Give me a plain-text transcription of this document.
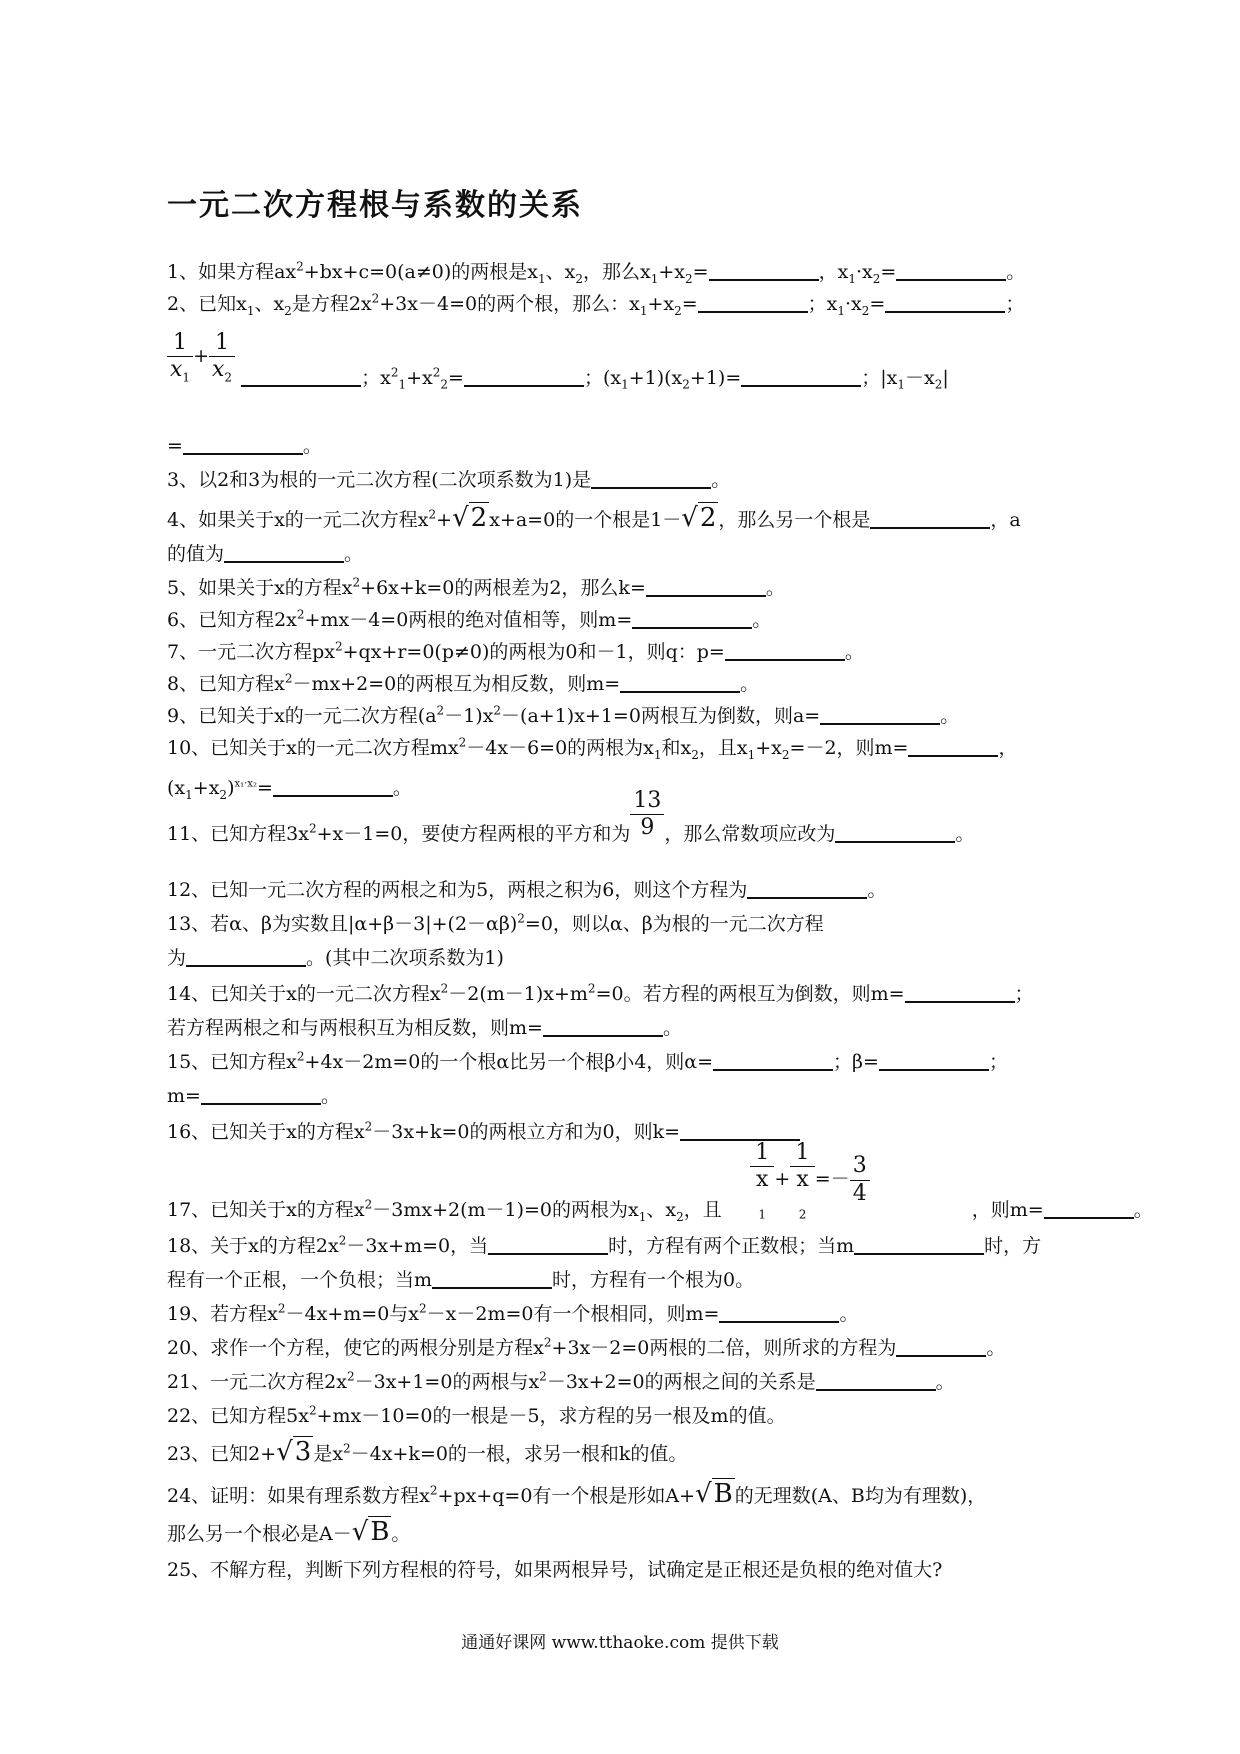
一元二次方程根与系数的关系
1、如果方程$ax^2+bx+c=0(a\ne 0)$的两根是$x_1$、$x_2$，那么$x_1+x_2=$	，$x_1\cdot x_2=$	。
2、已知$x_1$、$x_2$是方程$2x^2+3x-4=0$的两个根，那么：$x_1+x_2=$	；$x_1\cdot x_2=$	；
$\frac{1}{x_1} + \frac{1}{x_2}$	；$x^2_1+x^2_2=$	；$(x_1+1)(x_2+1)=$	；$|x_1-x_2|$
=	。
3、以2和3为根的一元二次方程(二次项系数为1)是	。
4、如果关于x的一元二次方程$x^2+√2$ x+a=0的一个根是1－√2 ，那么另一个根是	，a
的值为	。
5、如果关于x的方程$x^2+6x+k=0$的两根差为2，那么k=	。
6、已知方程$2x^2+mx-4=0$两根的绝对值相等，则m=	。
7、一元二次方程$px^2+qx+r=0(p\ne 0)$的两根为0和－1，则q：p=	。
8、已知方程$x^2-mx+2=0$的两根互为相反数，则m=	。
9、已知关于x的一元二次方程$(a^2-1)x^2-(a+1)x+1=0$两根互为倒数，则a=	。
10、已知关于x的一元二次方程$mx^2-4x-6=0$的两根为$x_1$和$x_2$，且$x_1+x_2=-2$，则m=	，
$(x_1+x_2)^{x_1\cdot x_2}=$	。
11、已知方程$3x^2+x-1=0$，要使方程两根的平方和为 $\frac{13}{9}$ ，那么常数项应改为	。
12、已知一元二次方程的两根之和为5，两根之积为6，则这个方程为	。
13、若α、β为实数且$|\alpha+\beta-3|+(2-\alpha\beta)^2=0$，则以α、β为根的一元二次方程
为	。(其中二次项系数为1)
14、已知关于x的一元二次方程$x^2-2(m-1)x+m^2=0$。若方程的两根互为倒数，则m=	；
若方程两根之和与两根积互为相反数，则m=	。
15、已知方程$x^2+4x-2m=0$的一个根α比另一个根β小4，则α=	；β=	；
m=	。
16、已知关于x的方程$x^2-3x+k=0$的两根立方和为0，则k=
1
x
$_1$ + 1
x
$_2 =- \frac{3}{4}$
17、已知关于x的方程$x^2-3mx+2(m-1)=0$的两根为$x_1$、$x_2$，且	，则m=	。
18、关于x的方程$2x^2-3x+m=0$，当	时，方程有两个正数根；当m	时，方
程有一个正根，一个负根；当m	时，方程有一个根为0。
19、若方程$x^2-4x+m=0$与$x^2-x-2m=0$有一个根相同，则m=	。
20、求作一个方程，使它的两根分别是方程$x^2+3x-2=0$两根的二倍，则所求的方程为	。
21、一元二次方程$2x^2-3x+1=0$的两根与$x^2-3x+2=0$的两根之间的关系是	。
22、已知方程$5x^2+mx-10=0$的一根是－5，求方程的另一根及m的值。
23、已知2+√3 是$x^2-4x+k=0$的一根，求另一根和k的值。
24、证明：如果有理系数方程$x^2+px+q=0$有一个根是形如A+√B 的无理数(A、B均为有理数)，
那么另一个根必是A－√B 。
25、不解方程，判断下列方程根的符号，如果两根异号，试确定是正根还是负根的绝对值大?
通通好课网 www.tthaoke.com 提供下载
